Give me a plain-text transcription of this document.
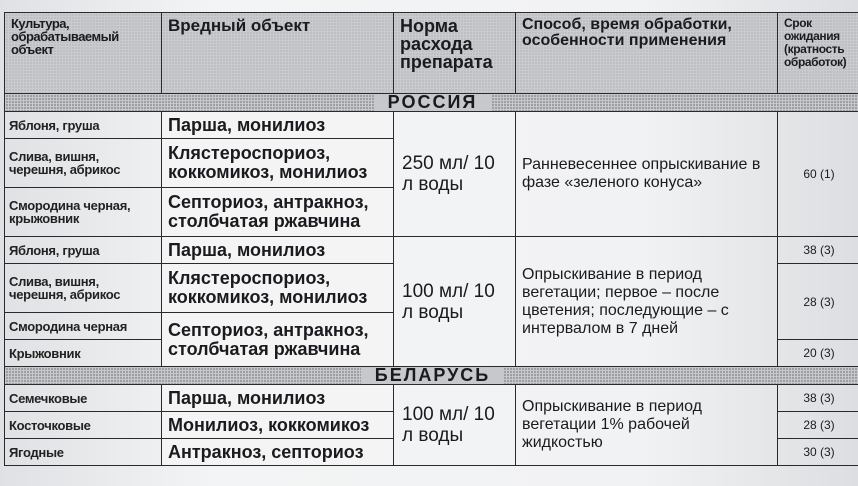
Культура, обрабатываемый объект	Вредный объект	Норма расхода препарата	Способ, время обработки, особенности применения	Срок ожидания (кратность обработок)
РОССИЯ				
Яблоня, груша	Парша, монилиоз	250 мл/ 10 л воды	Ранневесеннее опрыскивание в фазе «зеленого конуса»	60 (1)
Слива, вишня, черешня, абрикос	Клястероспориоз, коккомикоз, монилиоз			
Смородина черная, крыжовник	Септориоз, антракноз, столбчатая ржавчина			
Яблоня, груша	Парша, монилиоз	100 мл/ 10 л воды	Опрыскивание в период вегетации; первое – после цветения; последующие – с интервалом в 7 дней	38 (3)
Слива, вишня, черешня, абрикос	Клястероспориоз, коккомикоз, монилиоз			28 (3)
Смородина черная	Септориоз, антракноз, столбчатая ржавчина			
Крыжовник				20 (3)
БЕЛАРУСЬ				
Семечковые	Парша, монилиоз	100 мл/ 10 л воды	Опрыскивание в период вегетации 1% рабочей жидкостью	38 (3)
Косточковые	Монилиоз, коккомикоз			28 (3)
Ягодные	Антракноз, септориоз			30 (3)
